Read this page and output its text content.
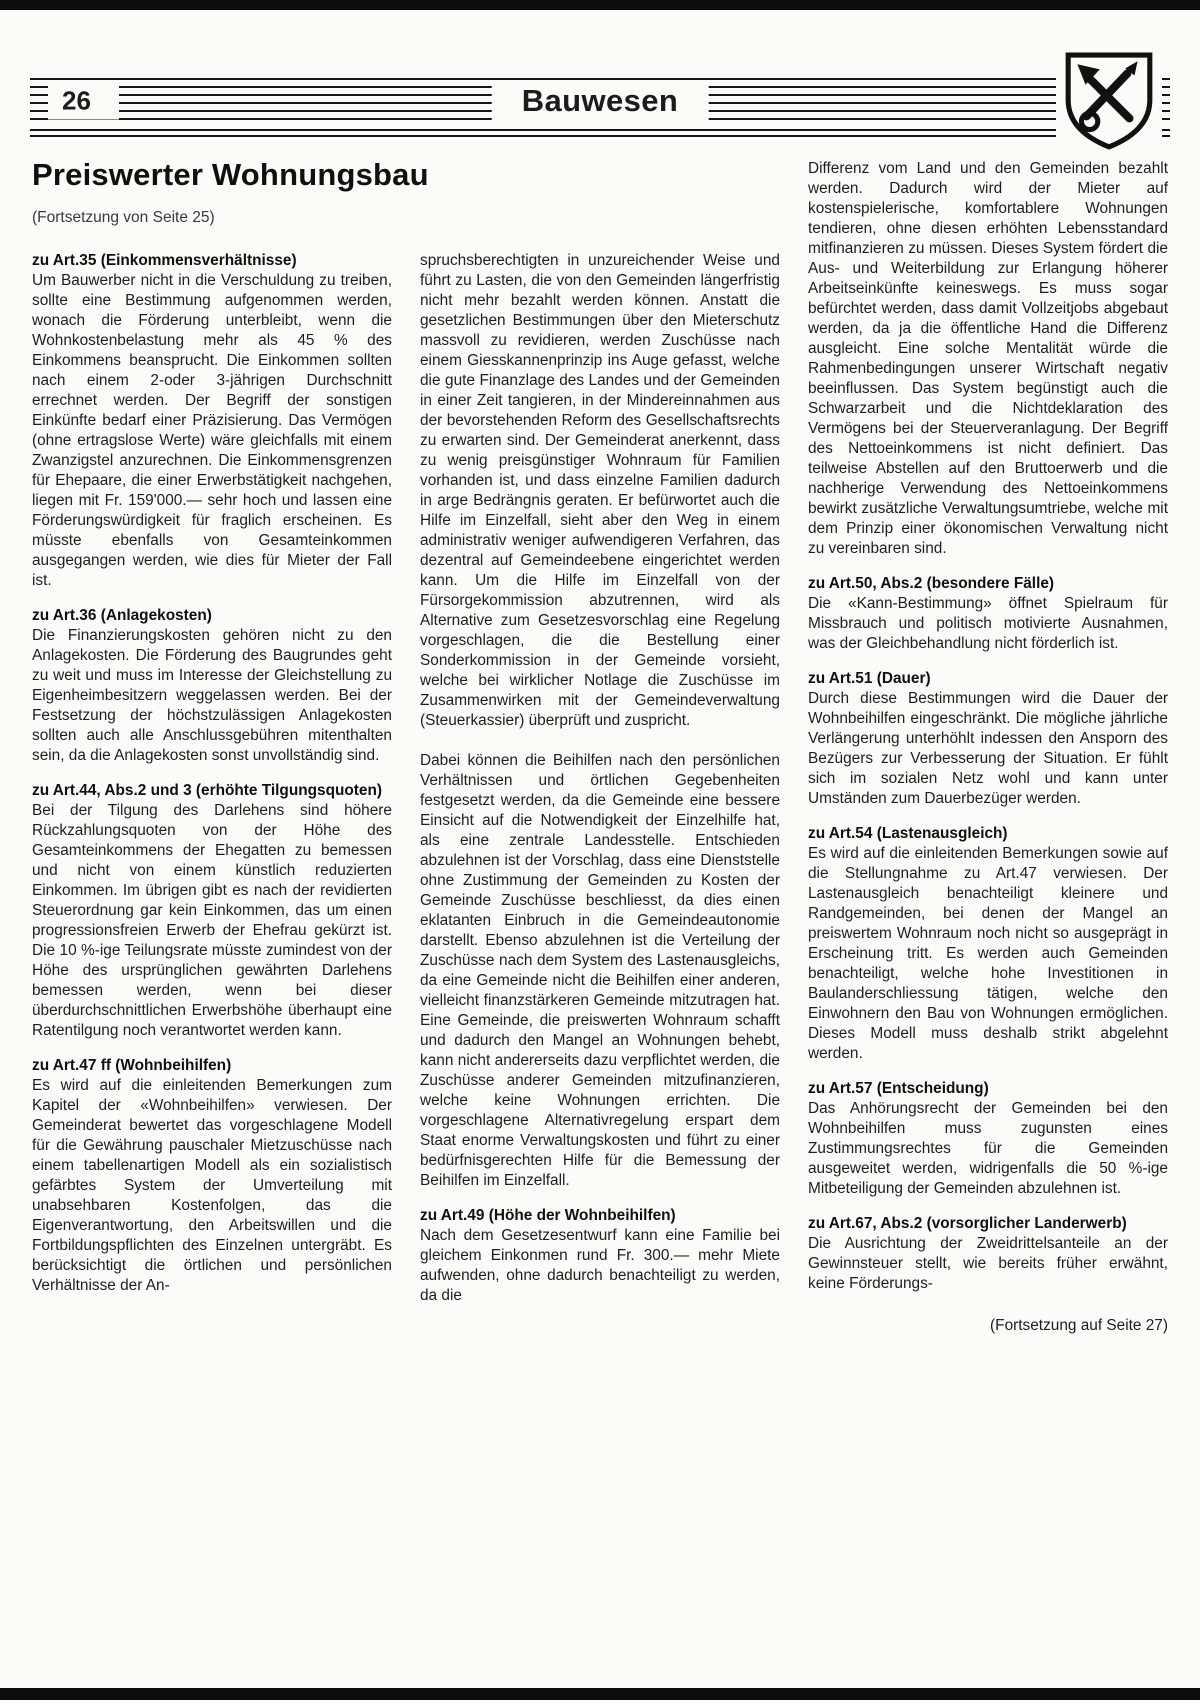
26	Bauwesen
Preiswerter Wohnungsbau

(Fortsetzung von Seite 25)

zu Art.35 (Einkommensverhältnisse)

Um Bauwerber nicht in die Verschuldung zu treiben, sollte eine Bestimmung aufgenommen werden, wonach die Förderung unterbleibt, wenn die Wohnkostenbelastung mehr als 45 % des Einkommens beansprucht. Die Einkommen sollten nach einem 2-oder 3-jährigen Durchschnitt errechnet werden. Der Begriff der sonstigen Einkünfte bedarf einer Präzisierung. Das Vermögen (ohne ertragslose Werte) wäre gleichfalls mit einem Zwanzigstel anzurechnen. Die Einkommensgrenzen für Ehepaare, die einer Erwerbstätigkeit nachgehen, liegen mit Fr. 159'000.— sehr hoch und lassen eine Förderungswürdigkeit für fraglich erscheinen. Es müsste ebenfalls von Gesamteinkommen ausgegangen werden, wie dies für Mieter der Fall ist.

zu Art.36 (Anlagekosten)

Die Finanzierungskosten gehören nicht zu den Anlagekosten. Die Förderung des Baugrundes geht zu weit und muss im Interesse der Gleichstellung zu Eigenheimbesitzern weggelassen werden. Bei der Festsetzung der höchstzulässigen Anlagekosten sollten auch alle Anschlussgebühren mitenthalten sein, da die Anlagekosten sonst unvollständig sind.

zu Art.44, Abs.2 und 3 (erhöhte Tilgungsquoten)

Bei der Tilgung des Darlehens sind höhere Rückzahlungsquoten von der Höhe des Gesamteinkommens der Ehegatten zu bemessen und nicht von einem künstlich reduzierten Einkommen. Im übrigen gibt es nach der revidierten Steuerordnung gar kein Einkommen, das um einen progressionsfreien Erwerb der Ehefrau gekürzt ist. Die 10 %-ige Teilungsrate müsste zumindest von der Höhe des ursprünglichen gewährten Darlehens bemessen werden, wenn bei dieser überdurchschnittlichen Erwerbshöhe überhaupt eine Ratentilgung noch verantwortet werden kann.

zu Art.47 ff (Wohnbeihilfen)

Es wird auf die einleitenden Bemerkungen zum Kapitel der «Wohnbeihilfen» verwiesen. Der Gemeinderat bewertet das vorgeschlagene Modell für die Gewährung pauschaler Mietzuschüsse nach einem tabellenartigen Modell als ein sozialistisch gefärbtes System der Umverteilung mit unabsehbaren Kostenfolgen, das die Eigenverantwortung, den Arbeitswillen und die Fortbildungspflichten des Einzelnen untergräbt. Es berücksichtigt die örtlichen und persönlichen Verhältnisse der An-

spruchsberechtigten in unzureichender Weise und führt zu Lasten, die von den Gemeinden längerfristig nicht mehr bezahlt werden können. Anstatt die gesetzlichen Bestimmungen über den Mieterschutz massvoll zu revidieren, werden Zuschüsse nach einem Giesskannenprinzip ins Auge gefasst, welche die gute Finanzlage des Landes und der Gemeinden in einer Zeit tangieren, in der Mindereinnahmen aus der bevorstehenden Reform des Gesellschaftsrechts zu erwarten sind. Der Gemeinderat anerkennt, dass zu wenig preisgünstiger Wohnraum für Familien vorhanden ist, und dass einzelne Familien dadurch in arge Bedrängnis geraten. Er befürwortet auch die Hilfe im Einzelfall, sieht aber den Weg in einem administrativ weniger aufwendigeren Verfahren, das dezentral auf Gemeindeebene eingerichtet werden kann. Um die Hilfe im Einzelfall von der Fürsorgekommission abzutrennen, wird als Alternative zum Gesetzesvorschlag eine Regelung vorgeschlagen, die die Bestellung einer Sonderkommission in der Gemeinde vorsieht, welche bei wirklicher Notlage die Zuschüsse im Zusammenwirken mit der Gemeindeverwaltung (Steuerkassier) überprüft und zuspricht.

Dabei können die Beihilfen nach den persönlichen Verhältnissen und örtlichen Gegebenheiten festgesetzt werden, da die Gemeinde eine bessere Einsicht auf die Notwendigkeit der Einzelhilfe hat, als eine zentrale Landesstelle. Entschieden abzulehnen ist der Vorschlag, dass eine Dienststelle ohne Zustimmung der Gemeinden zu Kosten der Gemeinde Zuschüsse beschliesst, da dies einen eklatanten Einbruch in die Gemeindeautonomie darstellt. Ebenso abzulehnen ist die Verteilung der Zuschüsse nach dem System des Lastenausgleichs, da eine Gemeinde nicht die Beihilfen einer anderen, vielleicht finanzstärkeren Gemeinde mitzutragen hat. Eine Gemeinde, die preiswerten Wohnraum schafft und dadurch den Mangel an Wohnungen behebt, kann nicht andererseits dazu verpflichtet werden, die Zuschüsse anderer Gemeinden mitzufinanzieren, welche keine Wohnungen errichten. Die vorgeschlagene Alternativregelung erspart dem Staat enorme Verwaltungskosten und führt zu einer bedürfnisgerechten Hilfe für die Bemessung der Beihilfen im Einzelfall.

zu Art.49 (Höhe der Wohnbeihilfen)

Nach dem Gesetzesentwurf kann eine Familie bei gleichem Einkonmen rund Fr. 300.— mehr Miete aufwenden, ohne dadurch benachteiligt zu werden, da die

Differenz vom Land und den Gemeinden bezahlt werden. Dadurch wird der Mieter auf kostenspielerische, komfortablere Wohnungen tendieren, ohne diesen erhöhten Lebensstandard mitfinanzieren zu müssen. Dieses System fördert die Aus- und Weiterbildung zur Erlangung höherer Arbeitseinkünfte keineswegs. Es muss sogar befürchtet werden, dass damit Vollzeitjobs abgebaut werden, da ja die öffentliche Hand die Differenz ausgleicht. Eine solche Mentalität würde die Rahmenbedingungen unserer Wirtschaft negativ beeinflussen. Das System begünstigt auch die Schwarzarbeit und die Nichtdeklaration des Vermögens bei der Steuerveranlagung. Der Begriff des Nettoeinkommens ist nicht definiert. Das teilweise Abstellen auf den Bruttoerwerb und die nachherige Verwendung des Nettoeinkommens bewirkt zusätzliche Verwaltungsumtriebe, welche mit dem Prinzip einer ökonomischen Verwaltung nicht zu vereinbaren sind.

zu Art.50, Abs.2 (besondere Fälle)

Die «Kann-Bestimmung» öffnet Spielraum für Missbrauch und politisch motivierte Ausnahmen, was der Gleichbehandlung nicht förderlich ist.

zu Art.51 (Dauer)

Durch diese Bestimmungen wird die Dauer der Wohnbeihilfen eingeschränkt. Die mögliche jährliche Verlängerung unterhöhlt indessen den Ansporn des Bezügers zur Verbesserung der Situation. Er fühlt sich im sozialen Netz wohl und kann unter Umständen zum Dauerbezüger werden.

zu Art.54 (Lastenausgleich)

Es wird auf die einleitenden Bemerkungen sowie auf die Stellungnahme zu Art.47 verwiesen. Der Lastenausgleich benachteiligt kleinere und Randgemeinden, bei denen der Mangel an preiswertem Wohnraum noch nicht so ausgeprägt in Erscheinung tritt. Es werden auch Gemeinden benachteiligt, welche hohe Investitionen in Baulanderschliessung tätigen, welche den Einwohnern den Bau von Wohnungen ermöglichen. Dieses Modell muss deshalb strikt abgelehnt werden.

zu Art.57 (Entscheidung)

Das Anhörungsrecht der Gemeinden bei den Wohnbeihilfen muss zugunsten eines Zustimmungsrechtes für die Gemeinden ausgeweitet werden, widrigenfalls die 50 %-ige Mitbeteiligung der Gemeinden abzulehnen ist.

zu Art.67, Abs.2 (vorsorglicher Landerwerb)

Die Ausrichtung der Zweidrittelsanteile an der Gewinnsteuer stellt, wie bereits früher erwähnt, keine Förderungs-

(Fortsetzung auf Seite 27)
